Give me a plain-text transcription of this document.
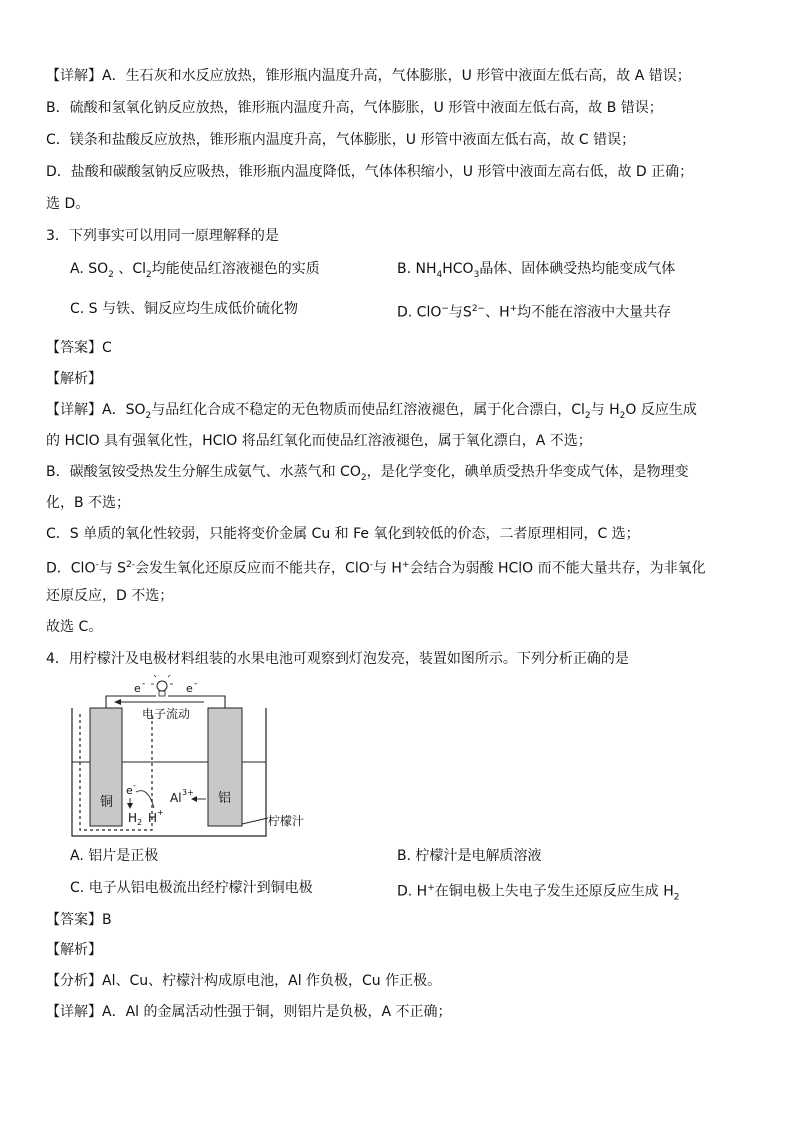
【详解】A．生石灰和水反应放热，锥形瓶内温度升高，气体膨胀，U 形管中液面左低右高，故 A 错误；
B．硫酸和氢氧化钠反应放热，锥形瓶内温度升高，气体膨胀，U 形管中液面左低右高，故 B 错误；
C．镁条和盐酸反应放热，锥形瓶内温度升高，气体膨胀，U 形管中液面左低右高，故 C 错误；
D．盐酸和碳酸氢钠反应吸热，锥形瓶内温度降低，气体体积缩小，U 形管中液面左高右低，故 D 正确；
选 D。
3．下列事实可以用同一原理解释的是
A. $SO_2$ 、$Cl_2$均能使品红溶液褪色的实质	B. $NH_4HCO_3$晶体、固体碘受热均能变成气体
C. S 与铁、铜反应均生成低价硫化物	D. ClO−与$S^{2-}$、H+均不能在溶液中大量共存
【答案】C
【解析】
【详解】A．$SO_2$与品红化合成不稳定的无色物质而使品红溶液褪色，属于化合漂白，$Cl_2$与 $H_2O$ 反应生成
的 HClO 具有强氧化性，HClO 将品红氧化而使品红溶液褪色，属于氧化漂白，A 不选；
B．碳酸氢铵受热发生分解生成氨气、水蒸气和 $CO_2$，是化学变化，碘单质受热升华变成气体，是物理变
化，B 不选；
C．S 单质的氧化性较弱，只能将变价金属 Cu 和 Fe 氧化到较低的价态，二者原理相同，C 选；
D．ClO-与 $S^{2-}$会发生氧化还原反应而不能共存，ClO-与 H+会结合为弱酸 HClO 而不能大量共存，为非氧化
还原反应，D 不选；
故选 C。
4．用柠檬汁及电极材料组装的水果电池可观察到灯泡发亮，装置如图所示。下列分析正确的是
e -	e -
电子流动
铜	铝
e -
H 2 H +
Al 3+
柠檬汁
A. 铝片是正极	B. 柠檬汁是电解质溶液
C. 电子从铝电极流出经柠檬汁到铜电极	D. H+在铜电极上失电子发生还原反应生成 $H_2$
【答案】B
【解析】
【分析】Al、Cu、柠檬汁构成原电池，Al 作负极，Cu 作正极。
【详解】A．Al 的金属活动性强于铜，则铝片是负极，A 不正确；
